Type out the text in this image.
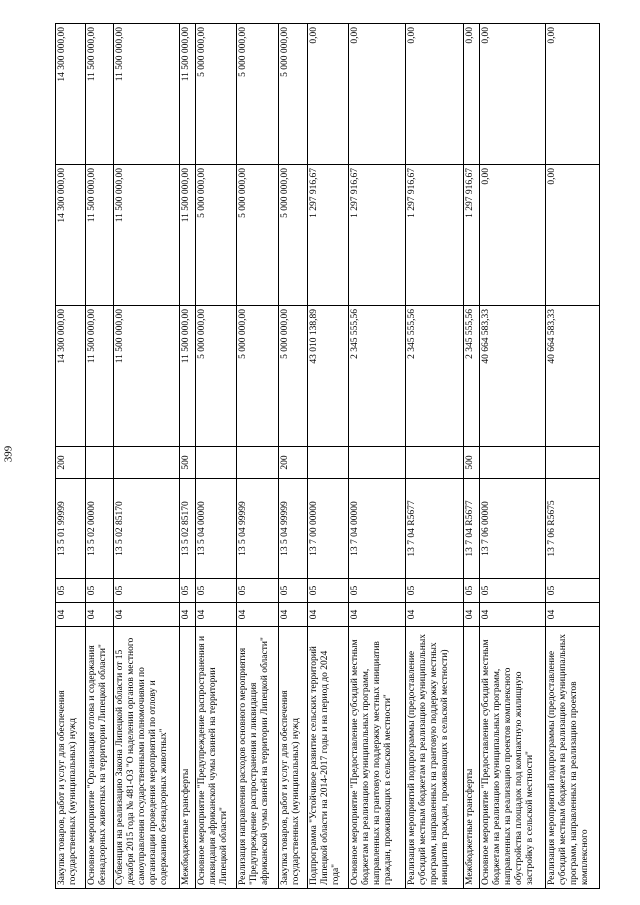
399
Закупка товаров, работ и услуг для обеспечения государственных (муниципальных) нужд	04	05	13 5 01 99999	200	14 300 000,00	14 300 000,00	14 300 000,00
Основное мероприятие "Организация отлова и содержания безнадзорных животных на территории Липецкой области"	04	05	13 5 02 00000		11 500 000,00	11 500 000,00	11 500 000,00
Субвенция на реализацию Закона Липецкой области от 15 декабря 2015 года № 481-ОЗ "О наделении органов местного самоуправления государственными полномочиями по организации проведения мероприятий по отлову и содержанию безнадзорных животных"	04	05	13 5 02 85170		11 500 000,00	11 500 000,00	11 500 000,00
Межбюджетные трансферты	04	05	13 5 02 85170	500	11 500 000,00	11 500 000,00	11 500 000,00
Основное мероприятие "Предупреждение распространения и ликвидация африканской чумы свиней на территории Липецкой области"	04	05	13 5 04 00000		5 000 000,00	5 000 000,00	5 000 000,00
Реализация направления расходов основного мероприятия "Предупреждение распространения и ликвидация африканской чумы свиней на территории Липецкой области"	04	05	13 5 04 99999		5 000 000,00	5 000 000,00	5 000 000,00
Закупка товаров, работ и услуг для обеспечения государственных (муниципальных) нужд	04	05	13 5 04 99999	200	5 000 000,00	5 000 000,00	5 000 000,00
Подпрограмма "Устойчивое развитие сельских территорий Липецкой области на 2014-2017 годы и на период до 2024 года"	04	05	13 7 00 00000		43 010 138,89	1 297 916,67	0,00
Основное мероприятие "Предоставление субсидий местным бюджетам на реализацию муниципальных программ, направленных на грантовую поддержку местных инициатив граждан, проживающих в сельской местности"	04	05	13 7 04 00000		2 345 555,56	1 297 916,67	0,00
Реализация мероприятий подпрограммы (предоставление субсидий местным бюджетам на реализацию муниципальных программ, направленных на грантовую поддержку местных инициатив граждан, проживающих в сельской местности)	04	05	13 7 04 R5677		2 345 555,56	1 297 916,67	0,00
Межбюджетные трансферты	04	05	13 7 04 R5677	500	2 345 555,56	1 297 916,67	0,00
Основное мероприятие "Предоставление субсидий местным бюджетам на реализацию муниципальных программ, направленных на реализацию проектов комплексного обустройства площадок под компактную жилищную застройку в сельской местности"	04	05	13 7 06 00000		40 664 583,33	0,00	0,00
Реализация мероприятий подпрограммы (предоставление субсидий местным бюджетам на реализацию муниципальных программ, направленных на реализацию проектов комплексного	04	05	13 7 06 R5675		40 664 583,33	0,00	0,00
